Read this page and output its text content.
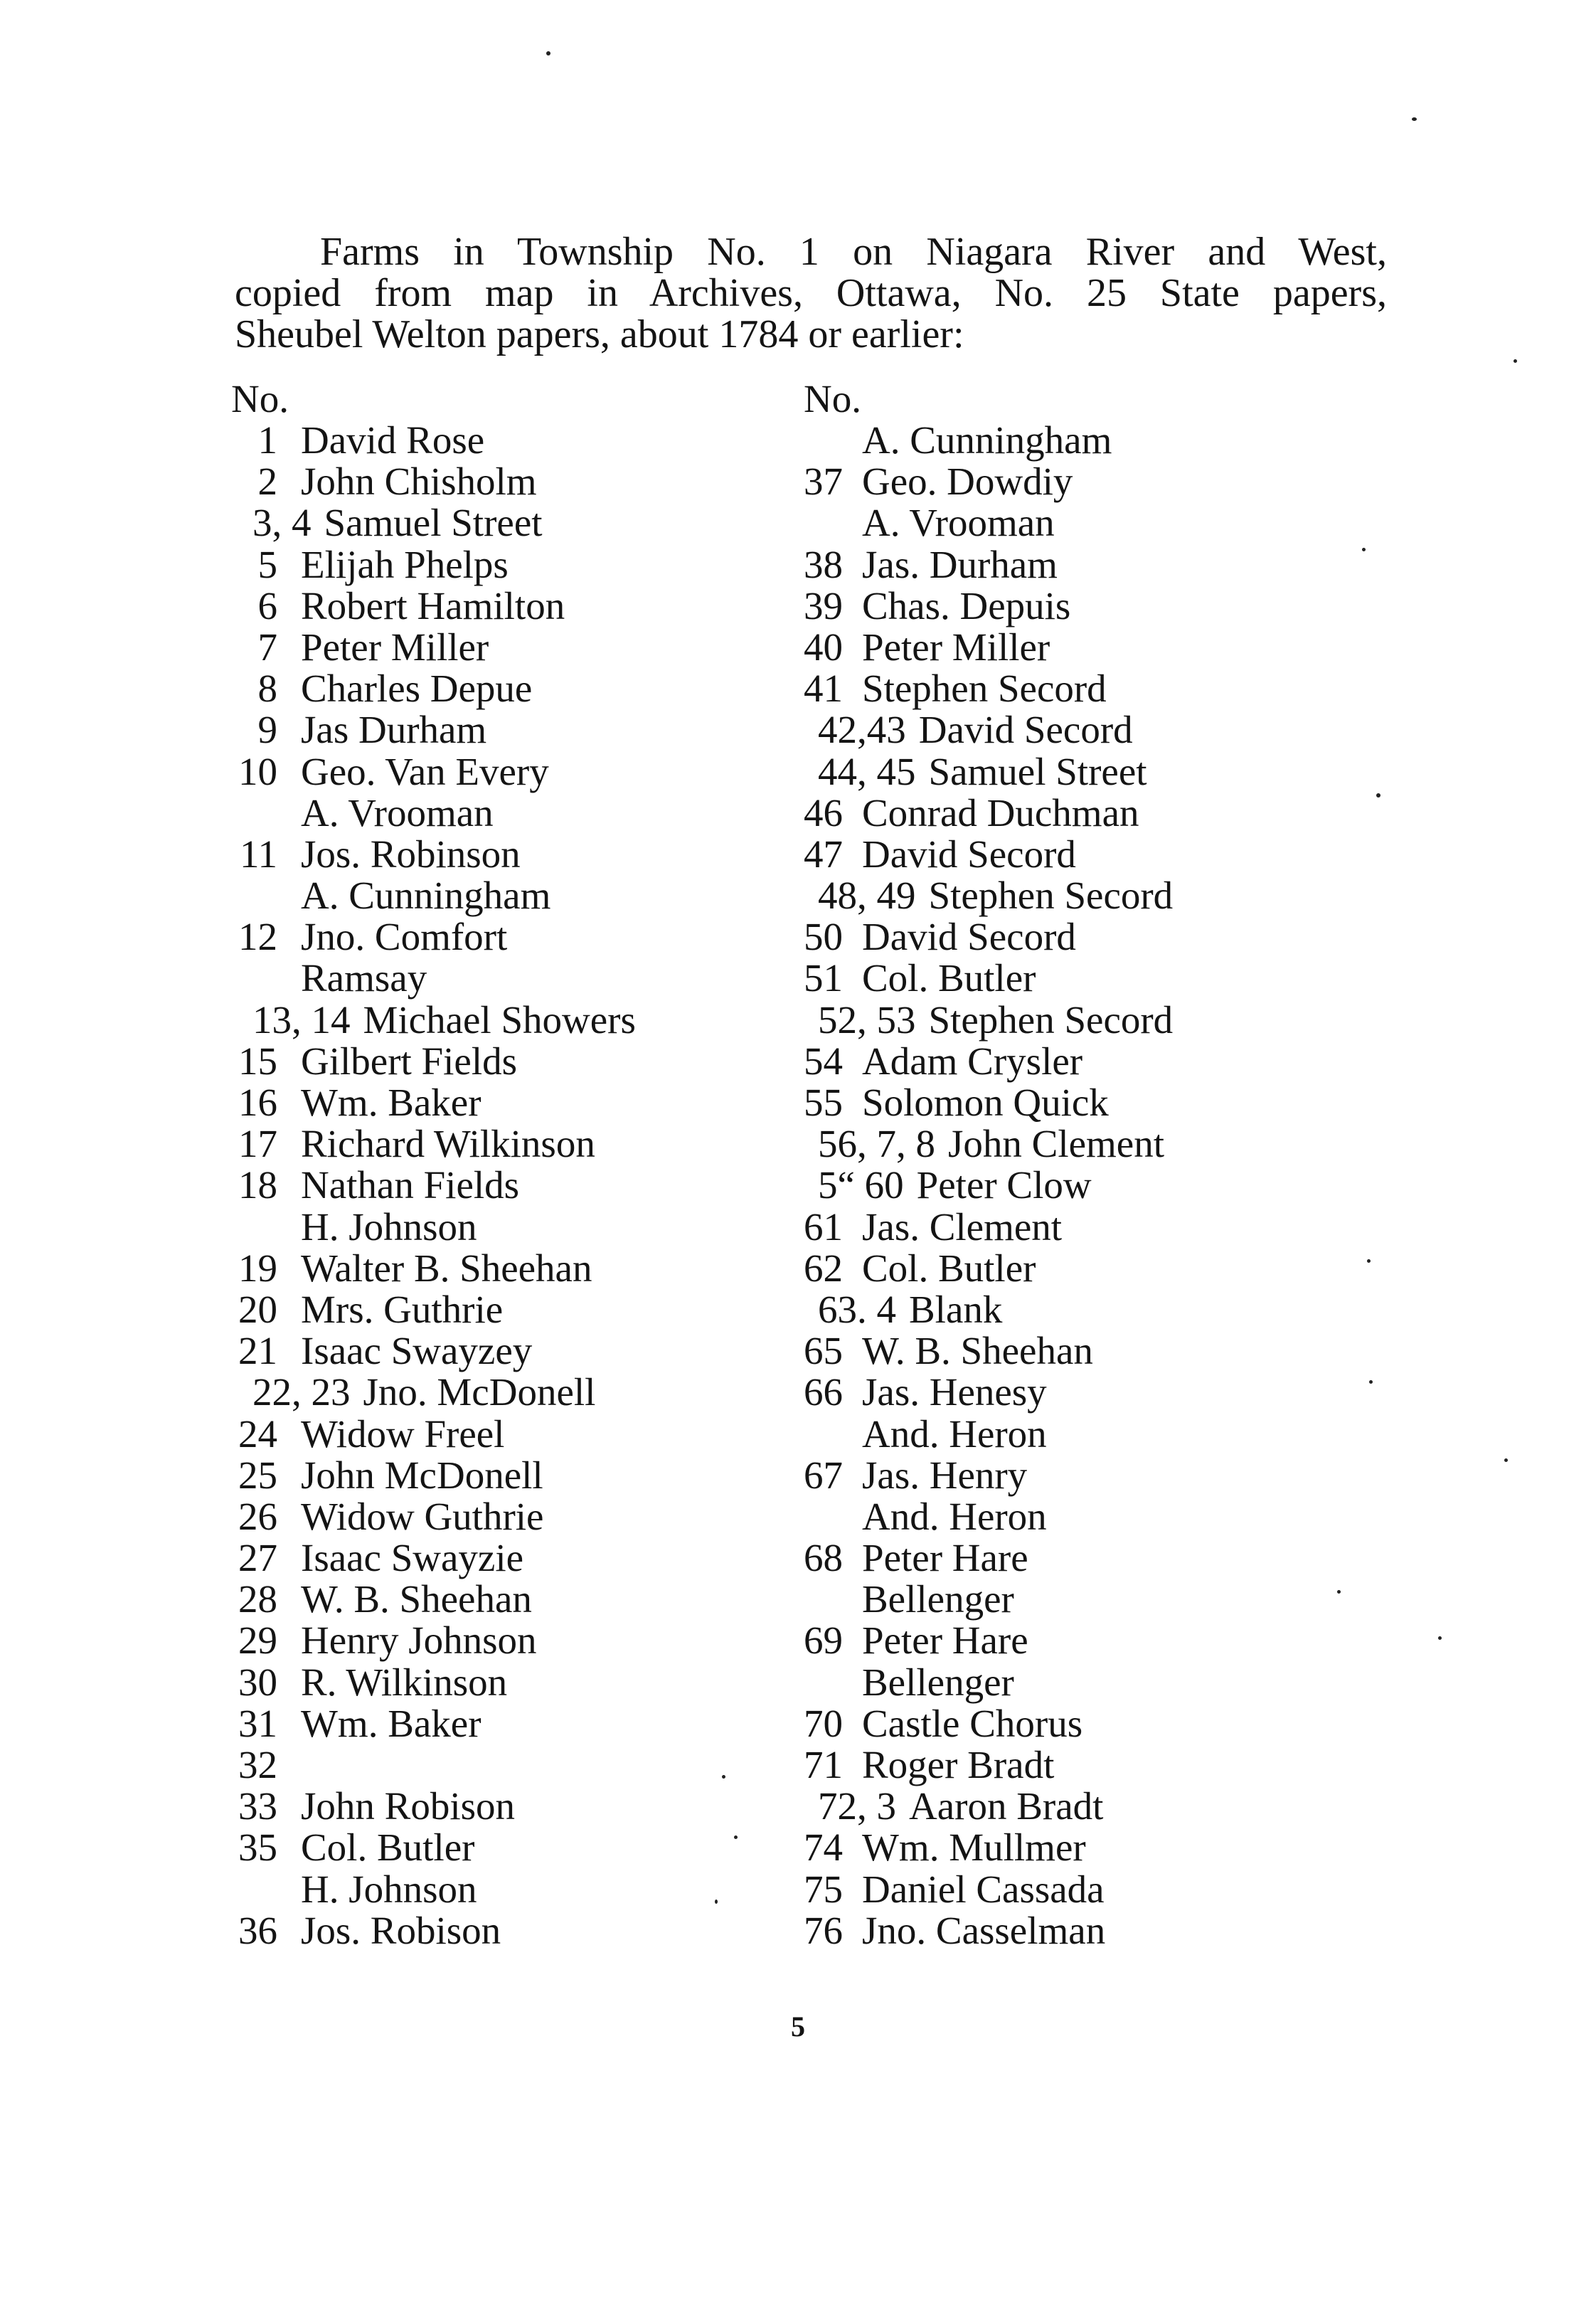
Farms in Township No. 1 on Niagara River and West,
copied from map in Archives, Ottawa, No. 25 State papers,
Sheubel Welton papers, about 1784 or earlier:
No.
1 David Rose
2 John Chisholm
3, 4 Samuel Street
5 Elijah Phelps
6 Robert Hamilton
7 Peter Miller
8 Charles Depue
9 Jas Durham
10 Geo. Van Every
A. Vrooman
11 Jos. Robinson
A. Cunningham
12 Jno. Comfort
Ramsay
13, 14 Michael Showers
15 Gilbert Fields
16 Wm. Baker
17 Richard Wilkinson
18 Nathan Fields
H. Johnson
19 Walter B. Sheehan
20 Mrs. Guthrie
21 Isaac Swayzey
22, 23 Jno. McDonell
24 Widow Freel
25 John McDonell
26 Widow Guthrie
27 Isaac Swayzie
28 W. B. Sheehan
29 Henry Johnson
30 R. Wilkinson
31 Wm. Baker
32
33 John Robison
35 Col. Butler
H. Johnson
36 Jos. Robison
No.
A. Cunningham
37 Geo. Dowdiy
A. Vrooman
38 Jas. Durham
39 Chas. Depuis
40 Peter Miller
41 Stephen Secord
42,43 David Secord
44, 45 Samuel Street
46 Conrad Duchman
47 David Secord
48, 49 Stephen Secord
50 David Secord
51 Col. Butler
52, 53 Stephen Secord
54 Adam Crysler
55 Solomon Quick
56, 7, 8 John Clement
5“ 60 Peter Clow
61 Jas. Clement
62 Col. Butler
63. 4 Blank
65 W. B. Sheehan
66 Jas. Henesy
And. Heron
67 Jas. Henry
And. Heron
68 Peter Hare
Bellenger
69 Peter Hare
Bellenger
70 Castle Chorus
71 Roger Bradt
72, 3 Aaron Bradt
74 Wm. Mullmer
75 Daniel Cassada
76 Jno. Casselman
5
